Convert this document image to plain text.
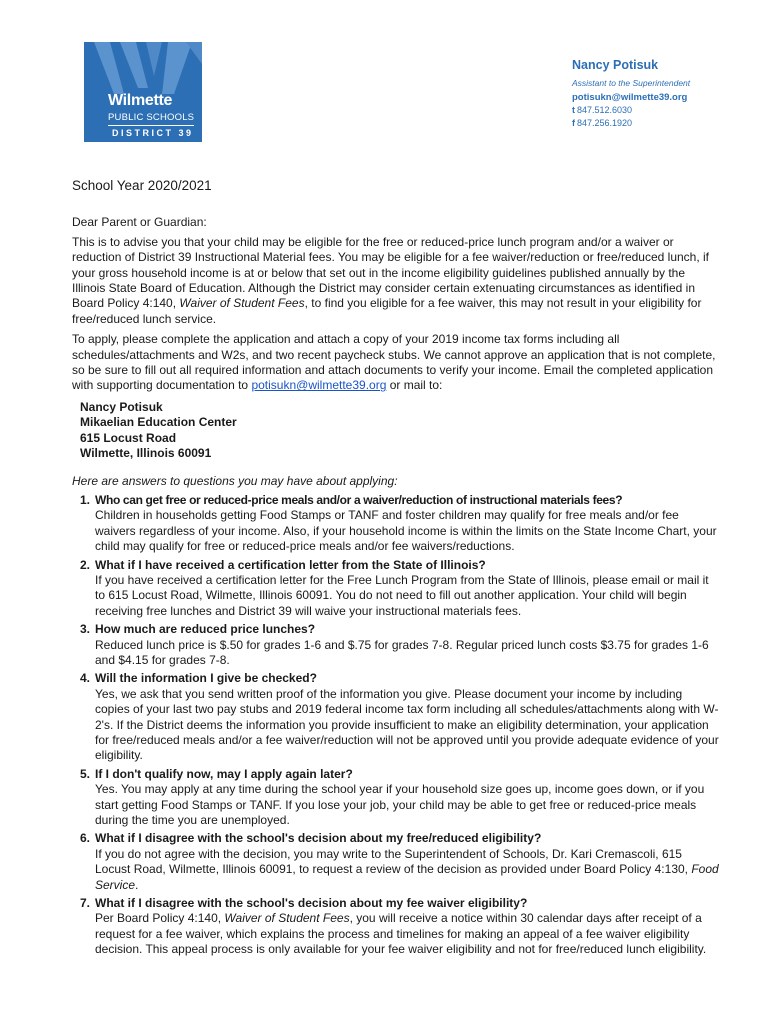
Wilmette
PUBLIC SCHOOLS
DISTRICT 39
Nancy Potisuk
Assistant to the Superintendent
potisukn@wilmette39.org
t 847.512.6030
f 847.256.1920
School Year 2020/2021
Dear Parent or Guardian:

This is to advise you that your child may be eligible for the free or reduced-price lunch program and/or a waiver or reduction of District 39 Instructional Material fees. You may be eligible for a fee waiver/reduction or free/reduced lunch, if your gross household income is at or below that set out in the income eligibility guidelines published annually by the Illinois State Board of Education. Although the District may consider certain extenuating circumstances as identified in Board Policy 4:140, Waiver of Student Fees, to find you eligible for a fee waiver, this may not result in your eligibility for free/reduced lunch service.

To apply, please complete the application and attach a copy of your 2019 income tax forms including all schedules/attachments and W2s, and two recent paycheck stubs. We cannot approve an application that is not complete, so be sure to fill out all required information and attach documents to verify your income. Email the completed application with supporting documentation to potisukn@wilmette39.org or mail to:

Nancy Potisuk
Mikaelian Education Center
615 Locust Road
Wilmette, Illinois 60091
Here are answers to questions you may have about applying:
1. Who can get free or reduced-price meals and/or a waiver/reduction of instructional materials fees?
Children in households getting Food Stamps or TANF and foster children may qualify for free meals and/or fee waivers regardless of your income. Also, if your household income is within the limits on the State Income Chart, your child may qualify for free or reduced-price meals and/or fee waivers/reductions.
2. What if I have received a certification letter from the State of Illinois?
If you have received a certification letter for the Free Lunch Program from the State of Illinois, please email or mail it to 615 Locust Road, Wilmette, Illinois 60091. You do not need to fill out another application. Your child will begin receiving free lunches and District 39 will waive your instructional materials fees.
3. How much are reduced price lunches?
Reduced lunch price is $.50 for grades 1-6 and $.75 for grades 7-8. Regular priced lunch costs $3.75 for grades 1-6 and $4.15 for grades 7-8.
4. Will the information I give be checked?
Yes, we ask that you send written proof of the information you give. Please document your income by including copies of your last two pay stubs and 2019 federal income tax form including all schedules/attachments along with W-2's. If the District deems the information you provide insufficient to make an eligibility determination, your application for free/reduced meals and/or a fee waiver/reduction will not be approved until you provide adequate evidence of your eligibility.
5. If I don't qualify now, may I apply again later?
Yes. You may apply at any time during the school year if your household size goes up, income goes down, or if you start getting Food Stamps or TANF. If you lose your job, your child may be able to get free or reduced-price meals during the time you are unemployed.
6. What if I disagree with the school's decision about my free/reduced eligibility?
If you do not agree with the decision, you may write to the Superintendent of Schools, Dr. Kari Cremascoli, 615 Locust Road, Wilmette, Illinois 60091, to request a review of the decision as provided under Board Policy 4:130, Food Service.
7. What if I disagree with the school's decision about my fee waiver eligibility?
Per Board Policy 4:140, Waiver of Student Fees, you will receive a notice within 30 calendar days after receipt of a request for a fee waiver, which explains the process and timelines for making an appeal of a fee waiver eligibility decision. This appeal process is only available for your fee waiver eligibility and not for free/reduced lunch eligibility.
